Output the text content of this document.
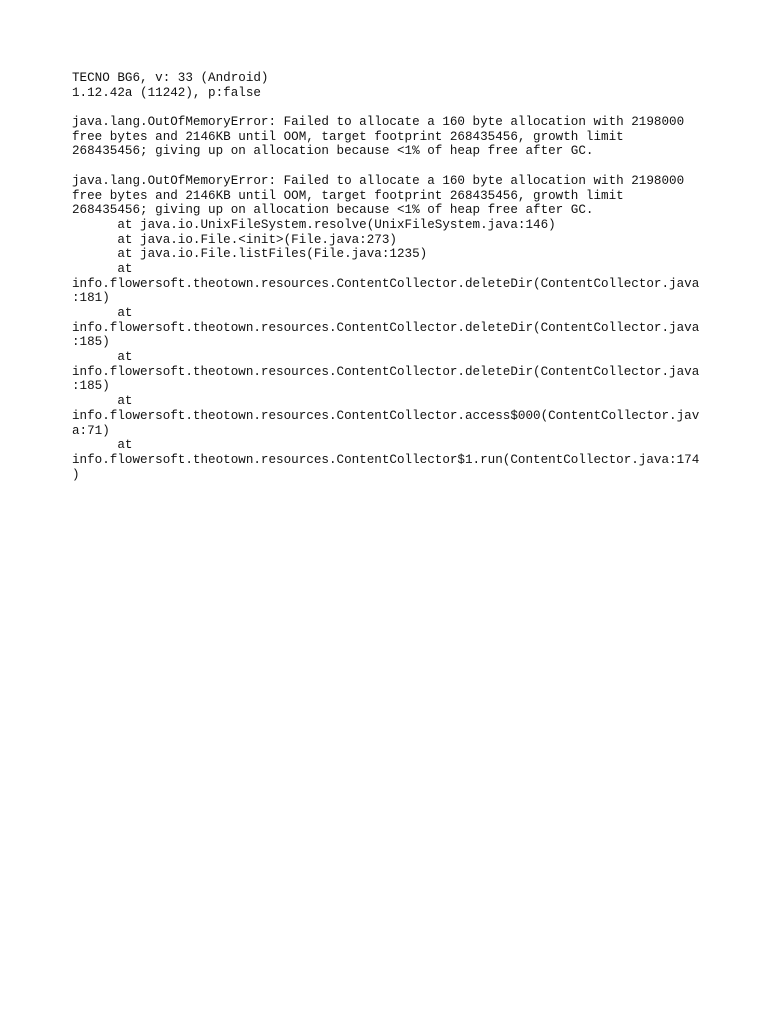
TECNO BG6, v: 33 (Android)
1.12.42a (11242), p:false
java.lang.OutOfMemoryError: Failed to allocate a 160 byte allocation with 2198000
free bytes and 2146KB until OOM, target footprint 268435456, growth limit
268435456; giving up on allocation because <1% of heap free after GC.
java.lang.OutOfMemoryError: Failed to allocate a 160 byte allocation with 2198000
free bytes and 2146KB until OOM, target footprint 268435456, growth limit
268435456; giving up on allocation because <1% of heap free after GC.
at java.io.UnixFileSystem.resolve(UnixFileSystem.java:146)
at java.io.File.<init>(File.java:273)
at java.io.File.listFiles(File.java:1235)
at
info.flowersoft.theotown.resources.ContentCollector.deleteDir(ContentCollector.java
:181)
at
info.flowersoft.theotown.resources.ContentCollector.deleteDir(ContentCollector.java
:185)
at
info.flowersoft.theotown.resources.ContentCollector.deleteDir(ContentCollector.java
:185)
at
info.flowersoft.theotown.resources.ContentCollector.access$000(ContentCollector.jav
a:71)
at
info.flowersoft.theotown.resources.ContentCollector$1.run(ContentCollector.java:174
)
